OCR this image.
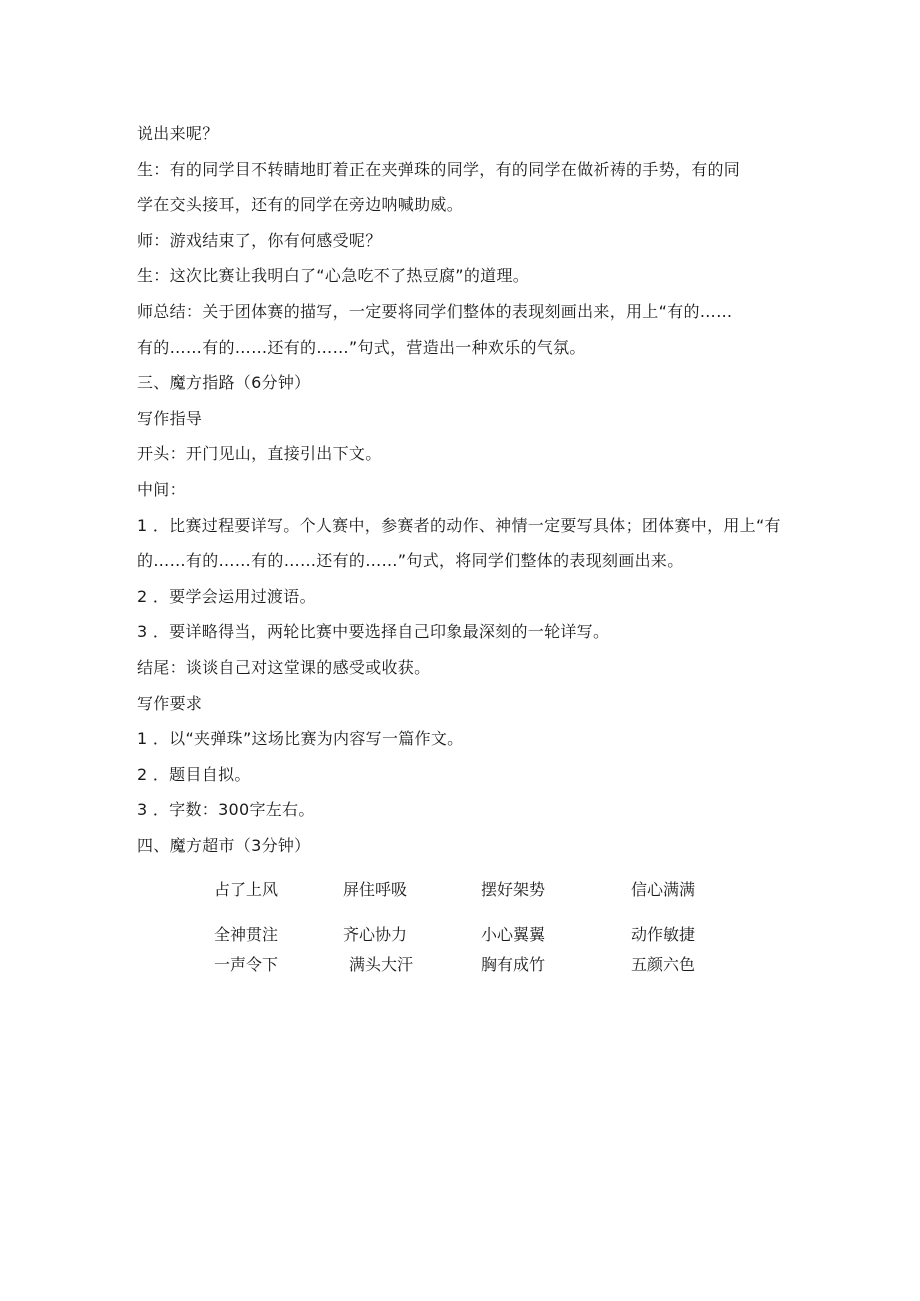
说出来呢？
生：有的同学目不转睛地盯着正在夹弹珠的同学，有的同学在做祈祷的手势，有的同
学在交头接耳，还有的同学在旁边呐喊助威。
师：游戏结束了，你有何感受呢？
生：这次比赛让我明白了“心急吃不了热豆腐”的道理。
师总结：关于团体赛的描写，一定要将同学们整体的表现刻画出来，用上“有的……
有的……有的……还有的……”句式，营造出一种欢乐的气氛。
三、魔方指路（6分钟）
写作指导
开头：开门见山，直接引出下文。
中间：
1 ．比赛过程要详写。个人赛中，参赛者的动作、神情一定要写具体；团体赛中，用上“有
的……有的……有的……还有的……”句式，将同学们整体的表现刻画出来。
2 ．要学会运用过渡语。
3 ．要详略得当，两轮比赛中要选择自己印象最深刻的一轮详写。
结尾：谈谈自己对这堂课的感受或收获。
写作要求
1 ．以“夹弹珠”这场比赛为内容写一篇作文。
2 ．题目自拟。
3 ．字数：300字左右。
四、魔方超市（3分钟）
占了上风	屏住呼吸	摆好架势	信心满满
全神贯注	齐心协力	小心翼翼	动作敏捷
一声令下	满头大汗	胸有成竹	五颜六色
